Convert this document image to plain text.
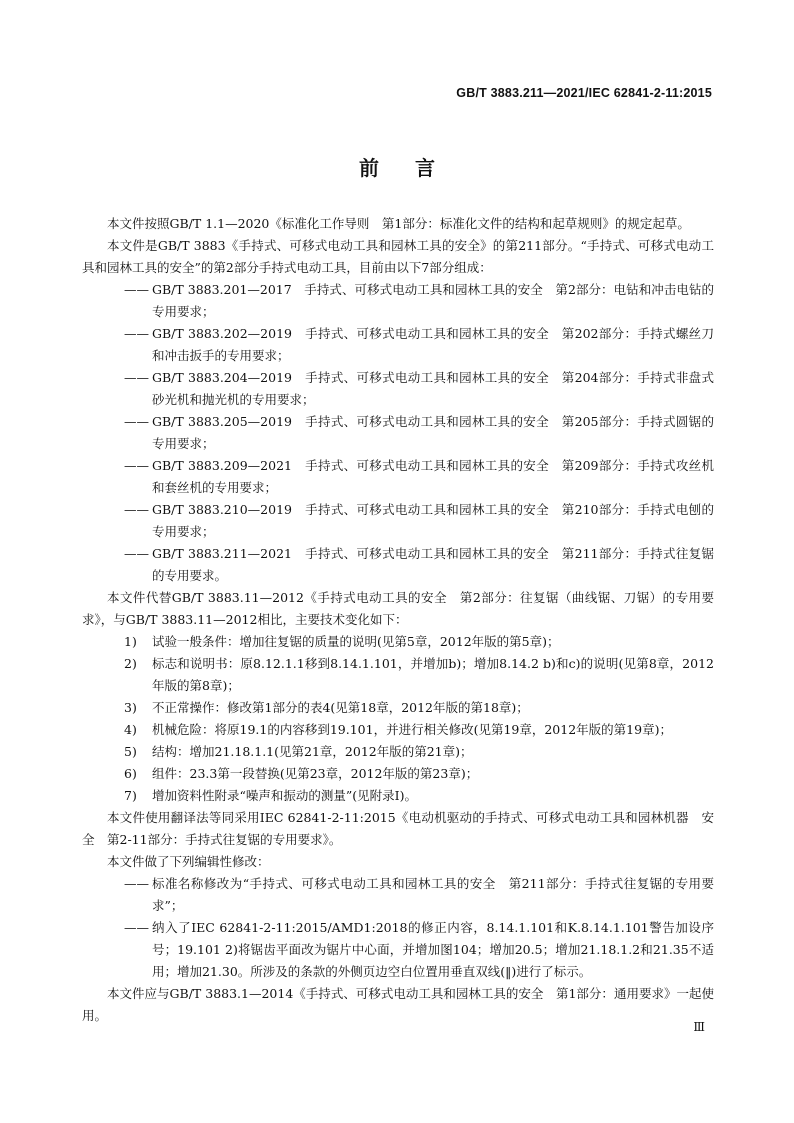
GB/T 3883.211—2021/IEC 62841-2-11:2015
前言

本文件按照GB/T 1.1—2020《标准化工作导则　第1部分：标准化文件的结构和起草规则》的规定起草。

本文件是GB/T 3883《手持式、可移式电动工具和园林工具的安全》的第211部分。“手持式、可移式电动工具和园林工具的安全”的第2部分手持式电动工具，目前由以下7部分组成：

—— GB/T 3883.201—2017　手持式、可移式电动工具和园林工具的安全　第2部分：电钻和冲击电钻的专用要求；

—— GB/T 3883.202—2019　手持式、可移式电动工具和园林工具的安全　第202部分：手持式螺丝刀和冲击扳手的专用要求；

—— GB/T 3883.204—2019　手持式、可移式电动工具和园林工具的安全　第204部分：手持式非盘式砂光机和抛光机的专用要求；

—— GB/T 3883.205—2019　手持式、可移式电动工具和园林工具的安全　第205部分：手持式圆锯的专用要求；

—— GB/T 3883.209—2021　手持式、可移式电动工具和园林工具的安全　第209部分：手持式攻丝机和套丝机的专用要求；

—— GB/T 3883.210—2019　手持式、可移式电动工具和园林工具的安全　第210部分：手持式电刨的专用要求；

—— GB/T 3883.211—2021　手持式、可移式电动工具和园林工具的安全　第211部分：手持式往复锯的专用要求。

本文件代替GB/T 3883.11—2012《手持式电动工具的安全　第2部分：往复锯（曲线锯、刀锯）的专用要求》，与GB/T 3883.11—2012相比，主要技术变化如下：

1) 试验一般条件：增加往复锯的质量的说明(见第5章，2012年版的第5章)；

2) 标志和说明书：原8.12.1.1移到8.14.1.101，并增加b)；增加8.14.2 b)和c)的说明(见第8章，2012年版的第8章)；

3) 不正常操作：修改第1部分的表4(见第18章，2012年版的第18章)；

4) 机械危险：将原19.1的内容移到19.101，并进行相关修改(见第19章，2012年版的第19章)；

5) 结构：增加21.18.1.1(见第21章，2012年版的第21章)；

6) 组件：23.3第一段替换(见第23章，2012年版的第23章)；

7) 增加资料性附录“噪声和振动的测量”(见附录I)。

本文件使用翻译法等同采用IEC 62841-2-11:2015《电动机驱动的手持式、可移式电动工具和园林机器　安全　第2-11部分：手持式往复锯的专用要求》。

本文件做了下列编辑性修改：

—— 标准名称修改为“手持式、可移式电动工具和园林工具的安全　第211部分：手持式往复锯的专用要求”；

—— 纳入了IEC 62841-2-11:2015/AMD1:2018的修正内容，8.14.1.101和K.8.14.1.101警告加设序号；19.101 2)将锯齿平面改为锯片中心面，并增加图104；增加20.5；增加21.18.1.2和21.35不适用；增加21.30。所涉及的条款的外侧页边空白位置用垂直双线(‖)进行了标示。

本文件应与GB/T 3883.1—2014《手持式、可移式电动工具和园林工具的安全　第1部分：通用要求》一起使用。

Ⅲ
